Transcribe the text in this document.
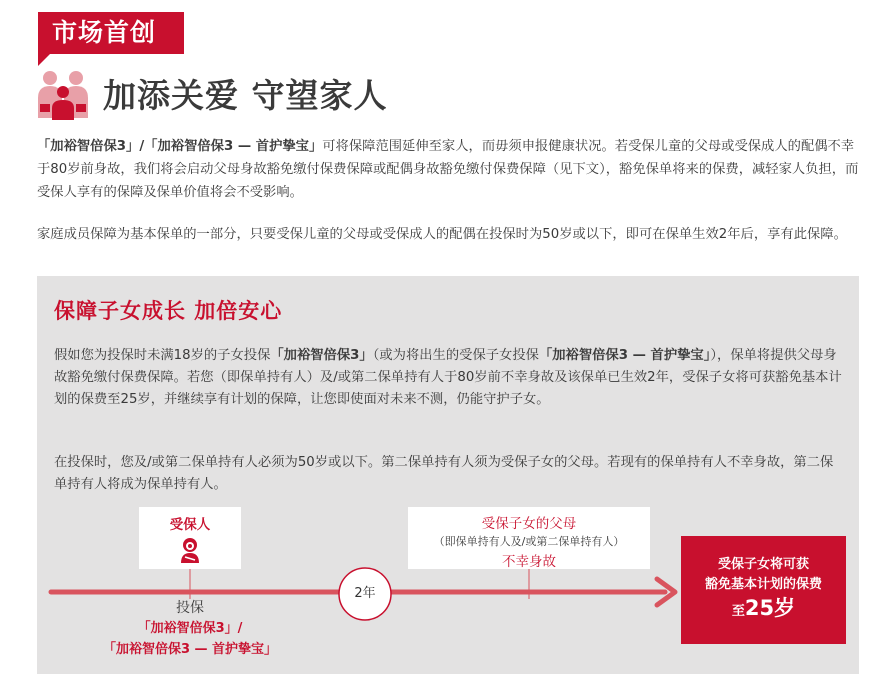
市场首创
加添关爱 守望家人

「加裕智倍保3」/「加裕智倍保3 — 首护挚宝」可将保障范围延伸至家人，而毋须申报健康状况。若受保儿童的父母或受保成人的配偶不幸于80岁前身故，我们将会启动父母身故豁免缴付保费保障或配偶身故豁免缴付保费保障（见下文），豁免保单将来的保费，减轻家人负担，而受保人享有的保障及保单价值将会不受影响。

家庭成员保障为基本保单的一部分，只要受保儿童的父母或受保成人的配偶在投保时为50岁或以下，即可在保单生效2年后，享有此保障。

保障子女成长 加倍安心

假如您为投保时未满18岁的子女投保「加裕智倍保3」（或为将出生的受保子女投保「加裕智倍保3 — 首护挚宝」），保单将提供父母身故豁免缴付保费保障。若您（即保单持有人）及/或第二保单持有人于80岁前不幸身故及该保单已生效2年，受保子女将可获豁免基本计划的保费至25岁，并继续享有计划的保障，让您即使面对未来不测，仍能守护子女。

在投保时，您及/或第二保单持有人必须为50岁或以下。第二保单持有人须为受保子女的父母。若现有的保单持有人不幸身故，第二保单持有人将成为保单持有人。

受保人	受保子女的父母
（即保单持有人及/或第二保单持有人）
不幸身故
2年
受保子女将可获
豁免基本计划的保费
至25岁
投保
「加裕智倍保3」/
「加裕智倍保3 — 首护挚宝」
